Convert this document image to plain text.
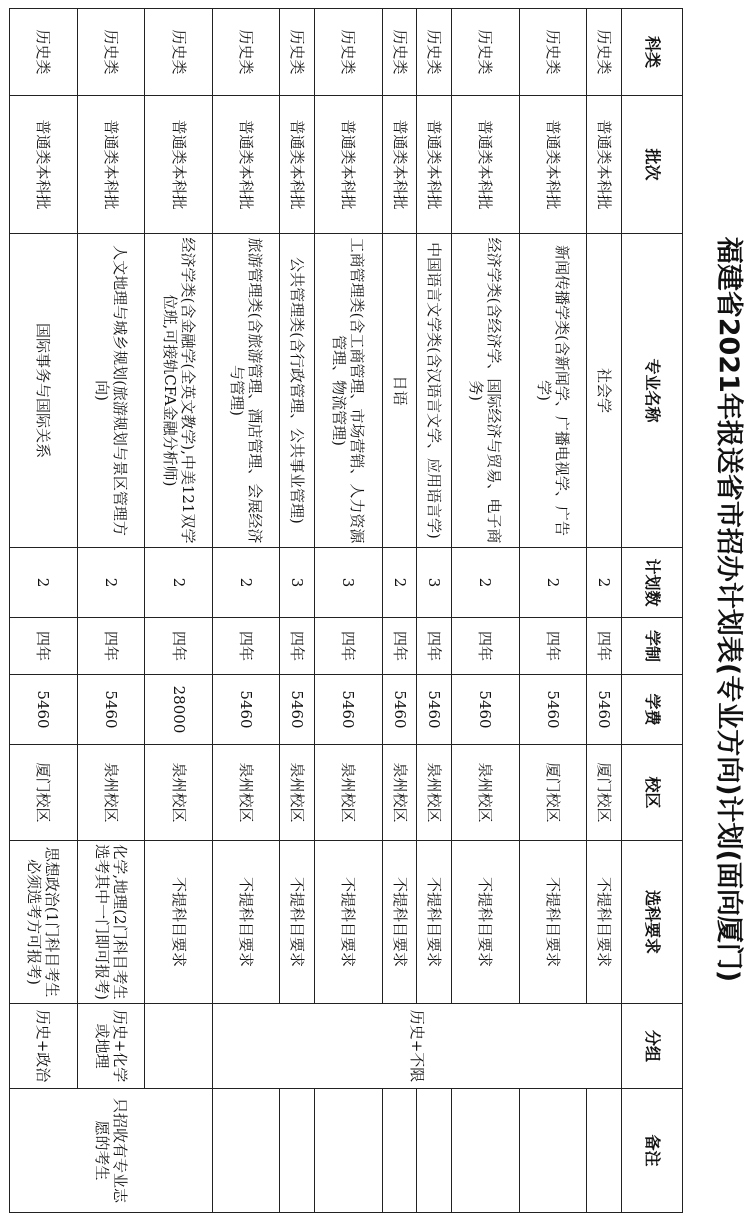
福建省2021年报送省市招办计划表(专业方向)计划(面向厦门)
科类	批次	专业名称	计划数	学制	学费	校区	选科要求	分组	备注
历史类	普通类本科批	社会学	2	四年	5460	厦门校区	不提科目要求	历史+不限	
历史类	普通类本科批	新闻传播学类(含新闻学、广播电视学、广告学)	2	四年	5460	厦门校区	不提科目要求		
历史类	普通类本科批	经济学类(含经济学、国际经济与贸易、电子商务)	2	四年	5460	泉州校区	不提科目要求		
历史类	普通类本科批	中国语言文学类(含汉语言文学、应用语言学)	3	四年	5460	泉州校区	不提科目要求		
历史类	普通类本科批	日语	2	四年	5460	泉州校区	不提科目要求		
历史类	普通类本科批	工商管理类(含工商管理、市场营销、人力资源管理、物流管理)	3	四年	5460	泉州校区	不提科目要求		
历史类	普通类本科批	公共管理类(含行政管理、公共事业管理)	3	四年	5460	泉州校区	不提科目要求		
历史类	普通类本科批	旅游管理类(含旅游管理、酒店管理、会展经济与管理)	2	四年	5460	泉州校区	不提科目要求		
历史类	普通类本科批	经济学类(含金融学(全英文教学),中美121双学位班,可接轨CFA金融分析师)	2	四年	28000	泉州校区	不提科目要求		只招收有专业志愿的考生
历史类	普通类本科批	人文地理与城乡规划(旅游规划与景区管理方向)	2	四年	5460	泉州校区	化学,地理(2门科目考生选考其中一门即可报考)	历史+化学或地理	
历史类	普通类本科批	国际事务与国际关系	2	四年	5460	厦门校区	思想政治(1门科目考生必须选考方可报考)	历史+政治	
